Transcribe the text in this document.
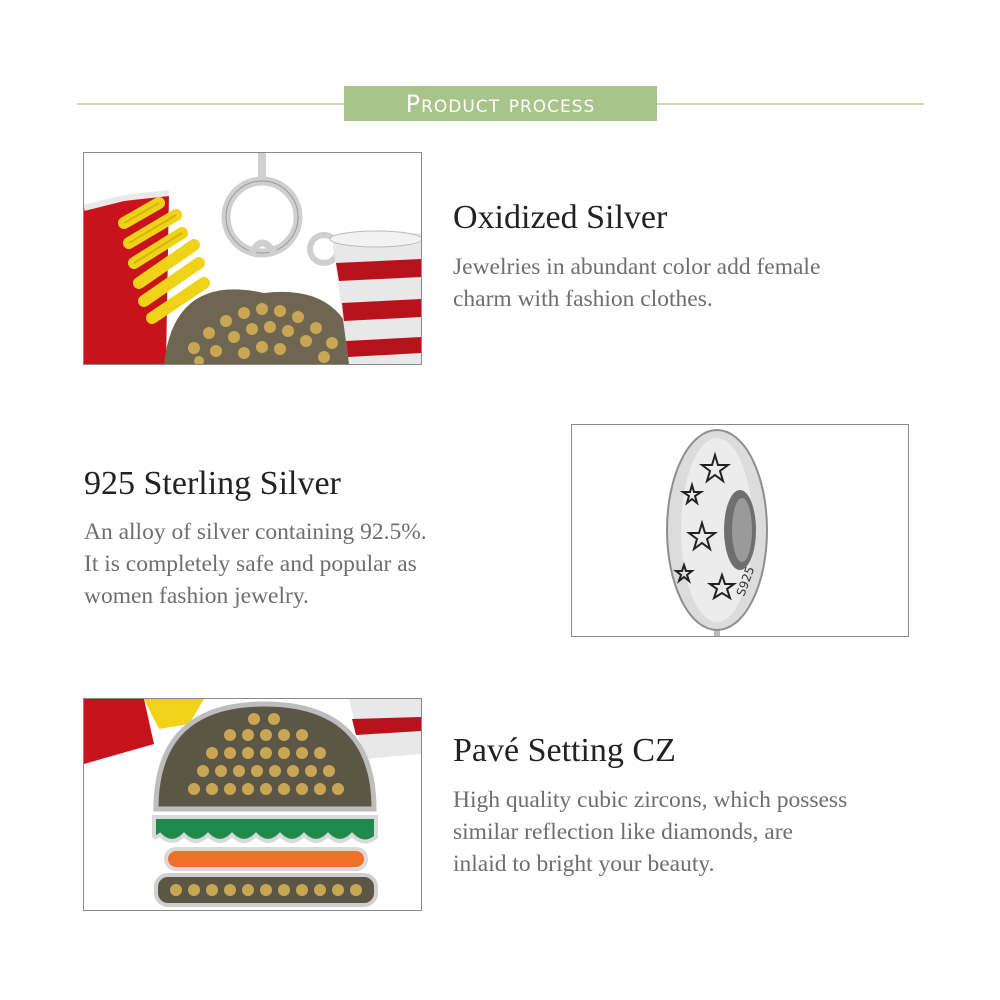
Product process
Oxidized Silver
Jewelries in abundant color add female
charm with fashion clothes.
S925
925 Sterling Silver
An alloy of silver containing 92.5%.
It is completely safe and popular as
women fashion jewelry.
Pavé Setting CZ
High quality cubic zircons, which possess
similar reflection like diamonds, are
inlaid to bright your beauty.
